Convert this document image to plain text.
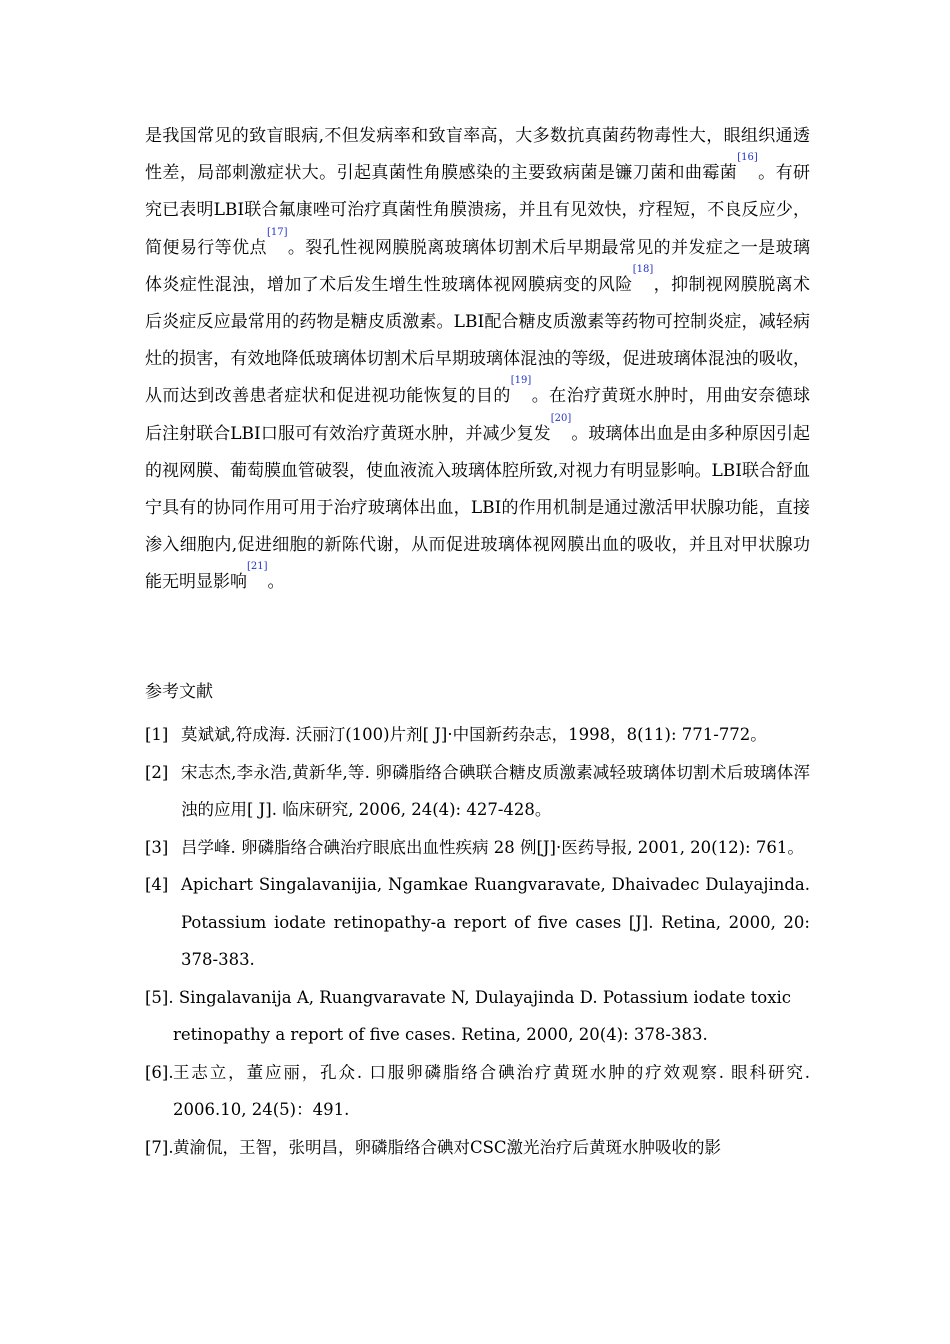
是我国常见的致盲眼病,不但发病率和致盲率高，大多数抗真菌药物毒性大，眼组织通透性差，局部刺激症状大。引起真菌性角膜感染的主要致病菌是镰刀菌和曲霉菌[16]。有研究已表明LBI联合氟康唑可治疗真菌性角膜溃疡，并且有见效快，疗程短，不良反应少，简便易行等优点[17]。裂孔性视网膜脱离玻璃体切割术后早期最常见的并发症之一是玻璃体炎症性混浊，增加了术后发生增生性玻璃体视网膜病变的风险[18]，抑制视网膜脱离术后炎症反应最常用的药物是糖皮质激素。LBI配合糖皮质激素等药物可控制炎症，减轻病灶的损害，有效地降低玻璃体切割术后早期玻璃体混浊的等级，促进玻璃体混浊的吸收，从而达到改善患者症状和促进视功能恢复的目的[19]。在治疗黄斑水肿时，用曲安奈德球后注射联合LBI口服可有效治疗黄斑水肿，并减少复发[20]。玻璃体出血是由多种原因引起的视网膜、葡萄膜血管破裂，使血液流入玻璃体腔所致,对视力有明显影响。LBI联合舒血宁具有的协同作用可用于治疗玻璃体出血，LBI的作用机制是通过激活甲状腺功能，直接渗入细胞内,促进细胞的新陈代谢，从而促进玻璃体视网膜出血的吸收，并且对甲状腺功能无明显影响[21]。
参考文献
[1] 莫斌斌,符成海. 沃丽汀(100)片剂[ J]·中国新药杂志，1998，8(11): 771-772。
[2] 宋志杰,李永浩,黄新华,等. 卵磷脂络合碘联合糖皮质激素减轻玻璃体切割术后玻璃体浑浊的应用[ J]. 临床研究, 2006, 24(4): 427-428。
[3] 吕学峰. 卵磷脂络合碘治疗眼底出血性疾病 28 例[J]·医药导报, 2001, 20(12): 761。
[4] Apichart Singalavanijia, Ngamkae Ruangvaravate, Dhaivadec Dulayajinda. Potassium iodate retinopathy-a report of five cases [J]. Retina, 2000, 20: 378-383.
[5]. Singalavanija A, Ruangvaravate N, Dulayajinda D. Potassium iodate toxic
retinopathy a report of five cases. Retina, 2000, 20(4): 378-383.
[6]. 王志立，董应丽，孔众. 口服卵磷脂络合碘治疗黄斑水肿的疗效观察. 眼科研究. 2006.10, 24(5)：491.
[7]. 黄渝侃，王智，张明昌，卵磷脂络合碘对CSC激光治疗后黄斑水肿吸收的影
